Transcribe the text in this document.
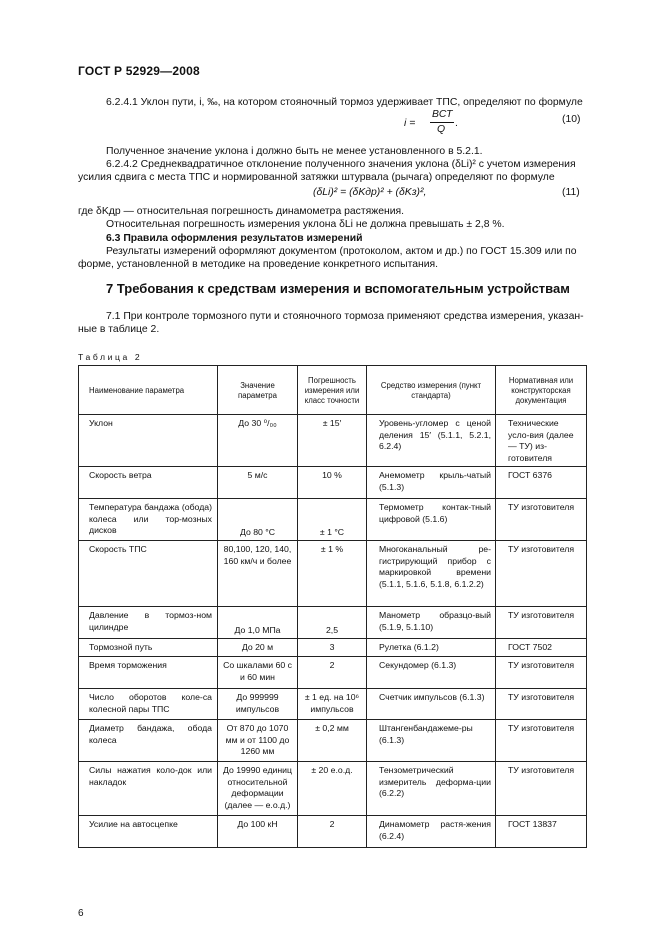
ГОСТ Р 52929—2008
6.2.4.1 Уклон пути, i, ‰, на котором стояночный тормоз удерживает ТПС, определяют по формуле
i =
BСТ
Q
.	(10)
Полученное значение уклона i должно быть не менее установленного в 5.2.1.
6.2.4.2 Среднеквадратичное отклонение полученного значения уклона (δLi)² с учетом измерения
усилия сдвига с места ТПС и нормированной затяжки штурвала (рычага) определяют по формуле
(δLi)² = (δKдр)² + (δKз)²,	(11)
где δKдр — относительная погрешность динамометра растяжения.
Относительная погрешность измерения уклона δLi не должна превышать ± 2,8 %.
6.3 Правила оформления результатов измерений
Результаты измерений оформляют документом (протоколом, актом и др.) по ГОСТ 15.309 или по
форме, установленной в методике на проведение конкретного испытания.
7 Требования к средствам измерения и вспомогательным устройствам
7.1 При контроле тормозного пути и стояночного тормоза применяют средства измерения, указан-
ные в таблице 2.
Таблица 2
Наименование параметра	Значение параметра	Погрешность измерения или класс точности	Средство измерения (пункт стандарта)	Нормативная или конструкторская документация
Уклон	До 30 ⁰/₀₀	± 15′	Уровень-угломер с ценой деления 15′ (5.1.1, 5.2.1, 6.2.4)	Технические усло-вия (далее — ТУ) из-готовителя
Скорость ветра	5 м/с	10 %	Анемометр крыль-чатый (5.1.3)	ГОСТ 6376
Температура бандажа (обода) колеса или тор-мозных дисков	До 80 °С	± 1 °С	Термометр контак-тный цифровой (5.1.6)	ТУ изготовителя
Скорость ТПС	80,100, 120, 140, 160 км/ч и более	± 1 %	Многоканальный ре-гистрирующий прибор с маркировкой времени (5.1.1, 5.1.6, 5.1.8, 6.1.2.2)	ТУ изготовителя
Давление в тормоз-ном цилиндре	До 1,0 МПа	2,5	Манометр образцо-вый (5.1.9, 5.1.10)	ТУ изготовителя
Тормозной путь	До 20 м	3	Рулетка (6.1.2)	ГОСТ 7502
Время торможения	Со шкалами 60 с и 60 мин	2	Секундомер (6.1.3)	ТУ изготовителя
Число оборотов коле-са колесной пары ТПС	До 999999 импульсов	± 1 ед. на 10⁶ импульсов	Счетчик импульсов (6.1.3)	ТУ изготовителя
Диаметр бандажа, обода колеса	От 870 до 1070 мм и от 1100 до 1260 мм	± 0,2 мм	Штангенбандажеме-ры (6.1.3)	ТУ изготовителя
Силы нажатия коло-док или накладок	До 19990 единиц относительной деформации (далее — е.о.д.)	± 20 е.о.д.	Тензометрический измеритель деформа-ции (6.2.2)	ТУ изготовителя
Усилие на автосцепке	До 100 кН	2	Динамометр растя-жения (6.2.4)	ГОСТ 13837
6
